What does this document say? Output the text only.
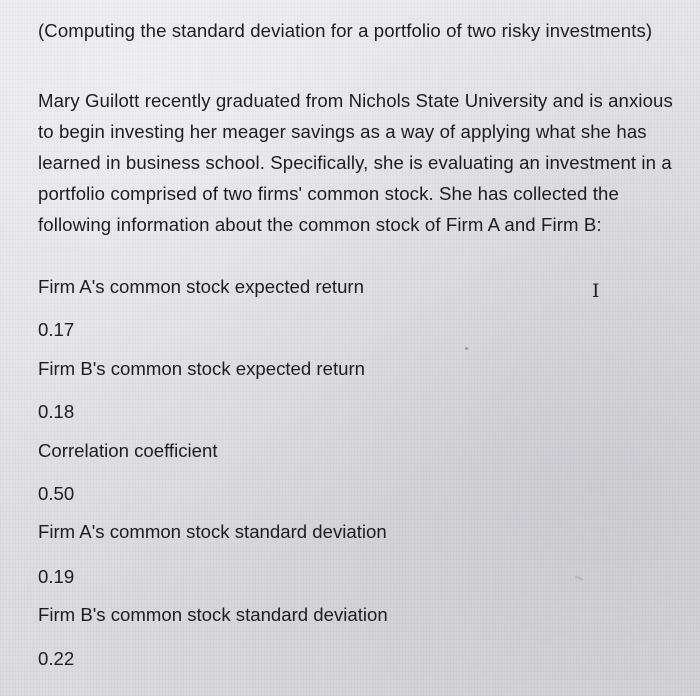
(Computing the standard deviation for a portfolio of two risky investments)

Mary Guilott recently graduated from Nichols State University and is anxious to begin investing her meager savings as a way of applying what she has learned in business school. Specifically, she is evaluating an investment in a portfolio comprised of two firms' common stock. She has collected the following information about the common stock of Firm A and Firm B:

Firm A's common stock expected return

0.17

Firm B's common stock expected return

0.18

Correlation coefficient

0.50

Firm A's common stock standard deviation

0.19

Firm B's common stock standard deviation

0.22

I
